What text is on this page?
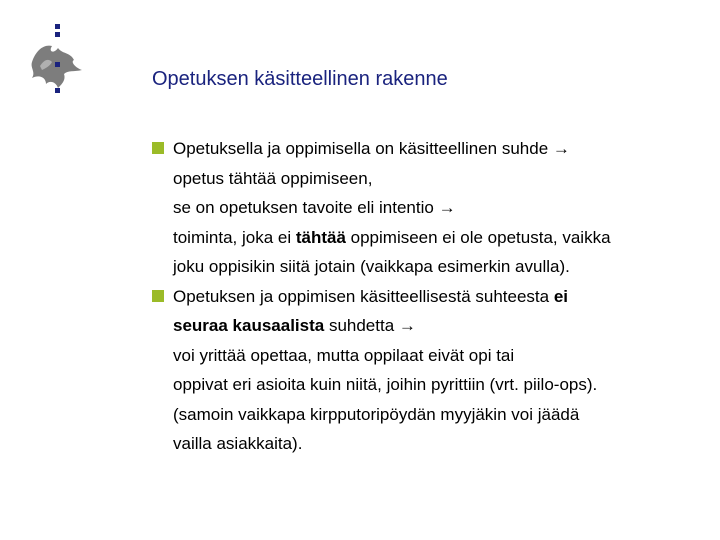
Opetuksen käsitteellinen rakenne
Opetuksella ja oppimisella on käsitteellinen suhde →
opetus tähtää oppimiseen,
se on opetuksen tavoite eli intentio →
toiminta, joka ei tähtää oppimiseen ei ole opetusta, vaikka
joku oppisikin siitä jotain (vaikkapa esimerkin avulla).
Opetuksen ja oppimisen käsitteellisestä suhteesta ei
seuraa kausaalista suhdetta →
voi yrittää opettaa, mutta oppilaat eivät opi tai
oppivat eri asioita kuin niitä, joihin pyrittiin (vrt. piilo-ops).
(samoin vaikkapa kirpputoripöydän myyjäkin voi jäädä
vailla asiakkaita).
